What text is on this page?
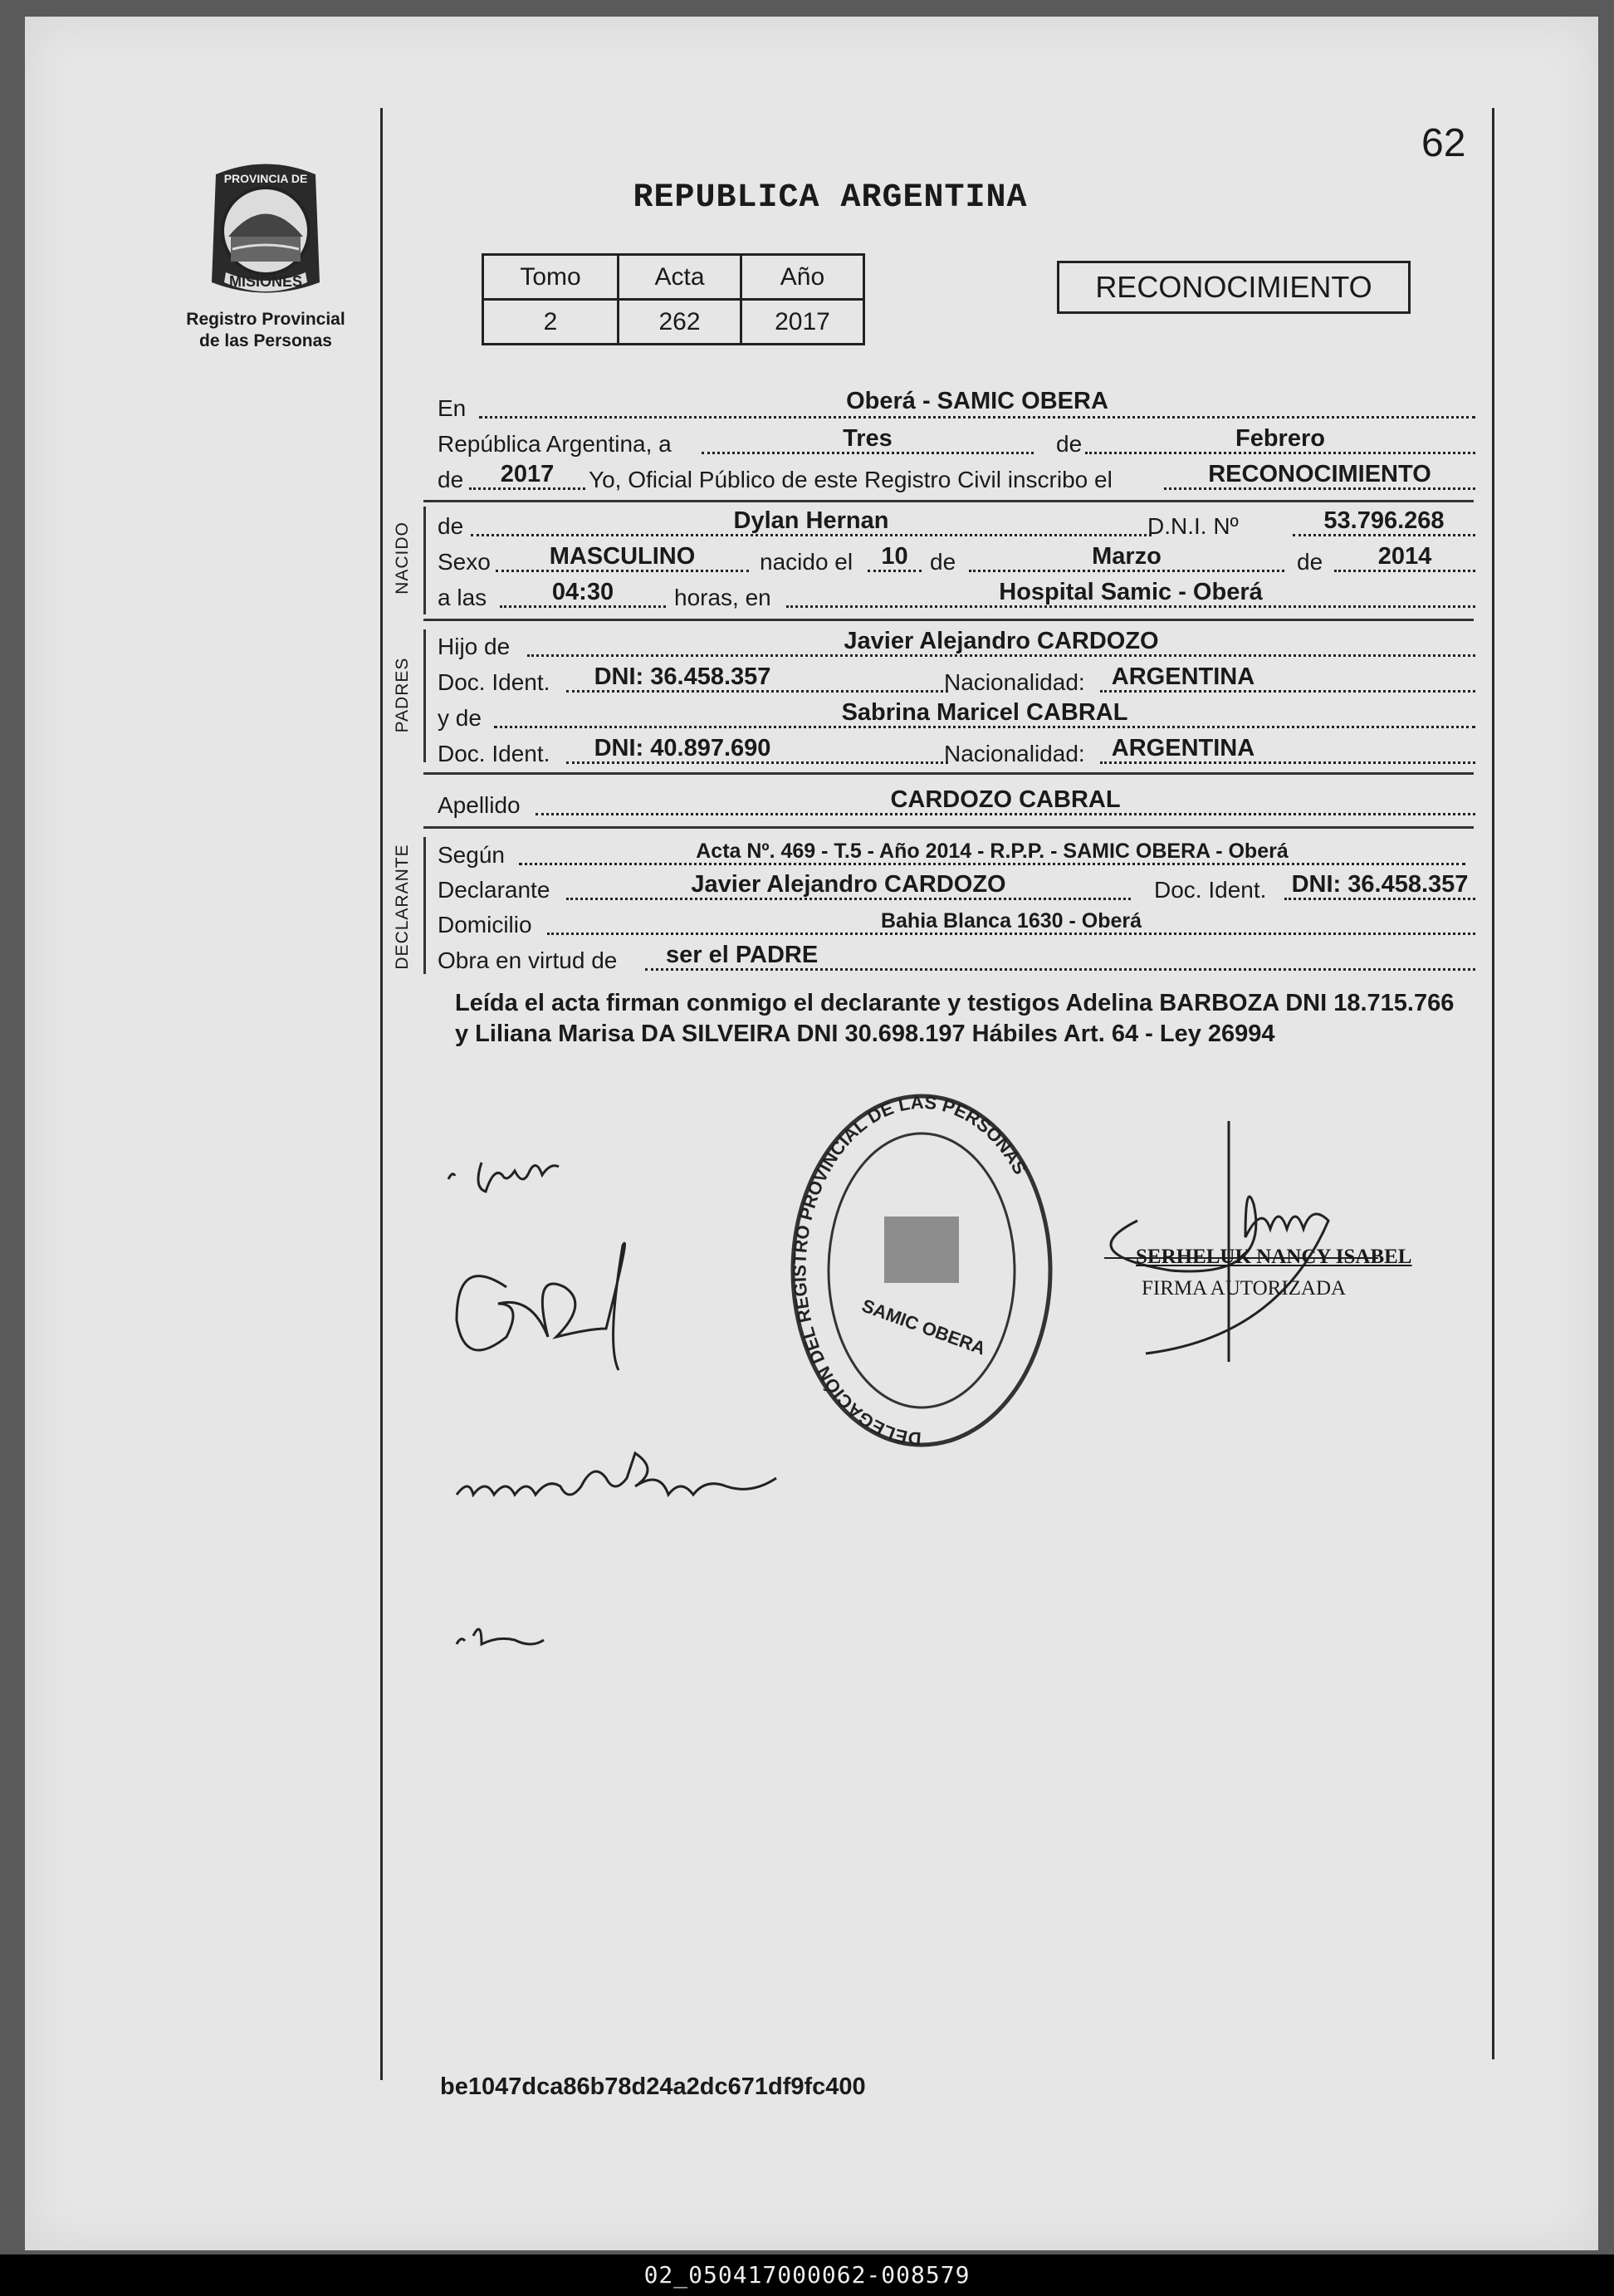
62
REPUBLICA ARGENTINA
MISIONES
PROVINCIA DE
Registro Provincial
de las Personas
Tomo	Acta	Año
2	262	2017
RECONOCIMIENTO
En	Oberá - SAMIC OBERA
República Argentina, a	Tres	de	Febrero
de	2017	Yo, Oficial Público de este Registro Civil inscribo el	RECONOCIMIENTO
NACIDO de	Dylan Hernan	D.N.I. Nº	53.796.268
Sexo	MASCULINO	nacido el	10 de	Marzo	de	2014
a las	04:30	horas, en	Hospital Samic - Oberá
PADRES
Hijo de	Javier Alejandro CARDOZO
Doc. Ident.	DNI: 36.458.357	Nacionalidad:	ARGENTINA
y de	Sabrina Maricel CABRAL
Doc. Ident.	DNI: 40.897.690	Nacionalidad:	ARGENTINA
Apellido	CARDOZO CABRAL
DECLARANTE Según	Acta Nº. 469 - T.5 - Año 2014 - R.P.P. - SAMIC OBERA - Oberá
Declarante	Javier Alejandro CARDOZO	Doc. Ident. DNI: 36.458.357
Domicilio	Bahia Blanca 1630 - Oberá
Obra en virtud de ser el PADRE
Leída el acta firman conmigo el declarante y testigos Adelina BARBOZA DNI 18.715.766 y Liliana Marisa DA SILVEIRA DNI 30.698.197 Hábiles Art. 64 - Ley 26994
DELEGACIÓN DEL REGISTRO PROVINCIAL DE LAS PERSONAS
SAMIC OBERA
SERHELUK NANCY ISABEL
FIRMA AUTORIZADA
be1047dca86b78d24a2dc671df9fc400
02_050417000062-008579
